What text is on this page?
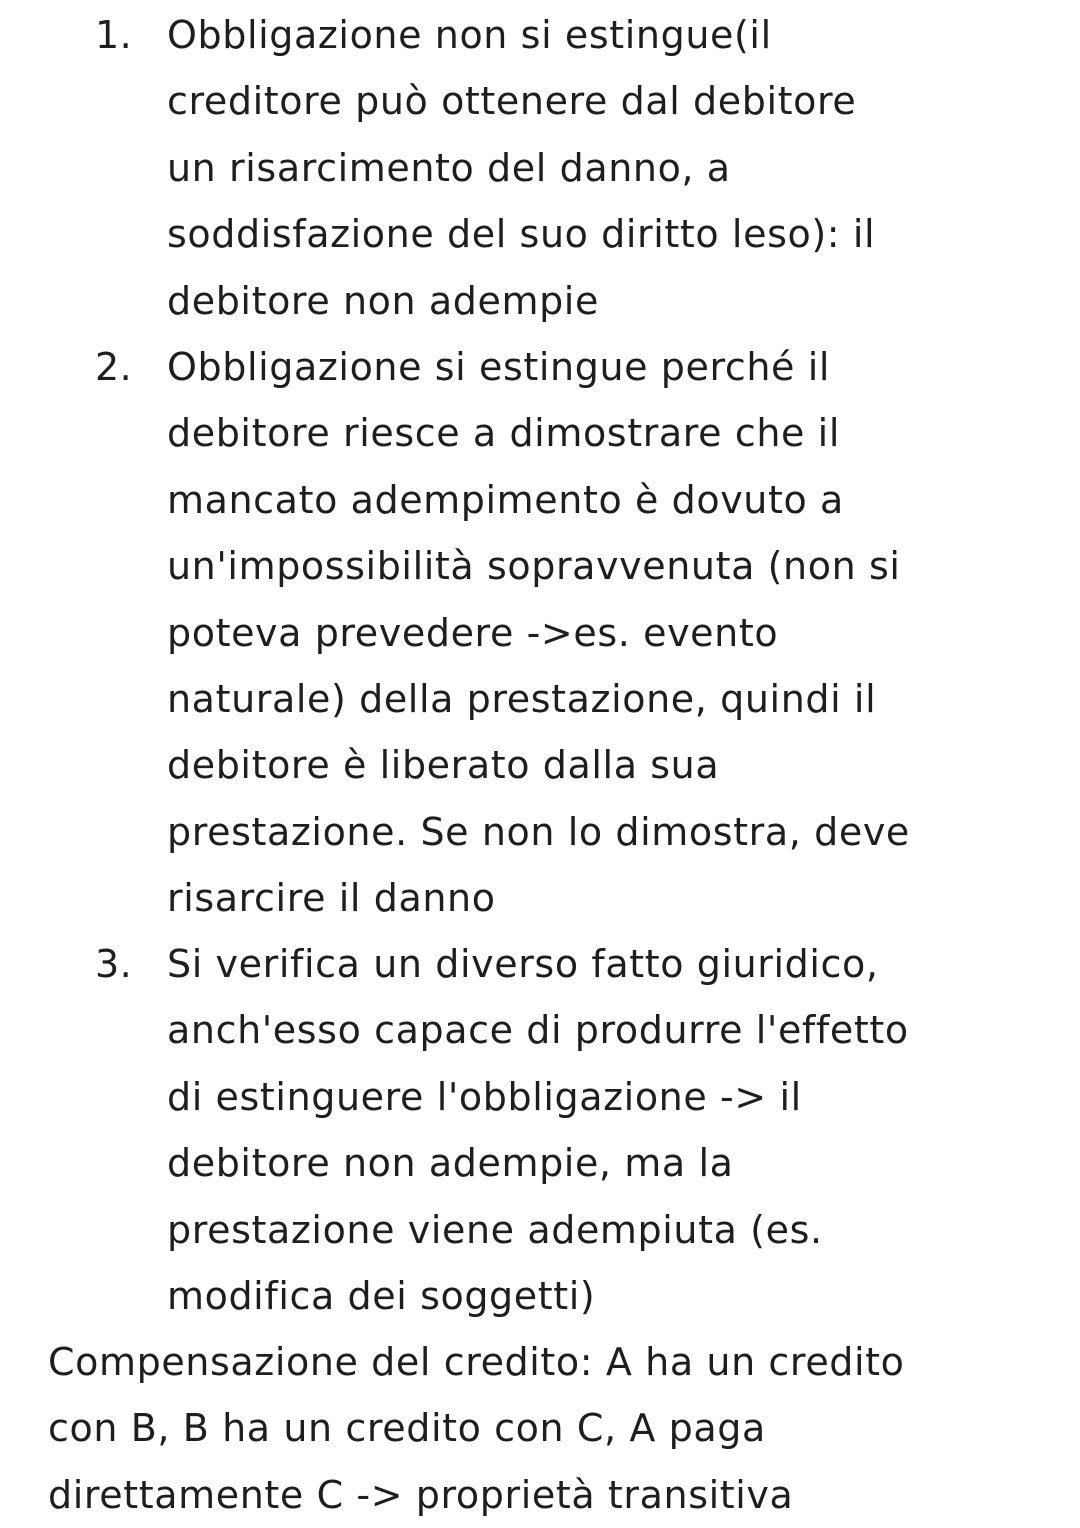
1. Obbligazione non si estingue(il
creditore può ottenere dal debitore
un risarcimento del danno, a
soddisfazione del suo diritto leso): il
debitore non adempie
2. Obbligazione si estingue perché il
debitore riesce a dimostrare che il
mancato adempimento è dovuto a
un'impossibilità sopravvenuta (non si
poteva prevedere ->es. evento
naturale) della prestazione, quindi il
debitore è liberato dalla sua
prestazione. Se non lo dimostra, deve
risarcire il danno
3. Si verifica un diverso fatto giuridico,
anch'esso capace di produrre l'effetto
di estinguere l'obbligazione -> il
debitore non adempie, ma la
prestazione viene adempiuta (es.
modifica dei soggetti)
Compensazione del credito: A ha un credito
con B, B ha un credito con C, A paga
direttamente C -> proprietà transitiva
